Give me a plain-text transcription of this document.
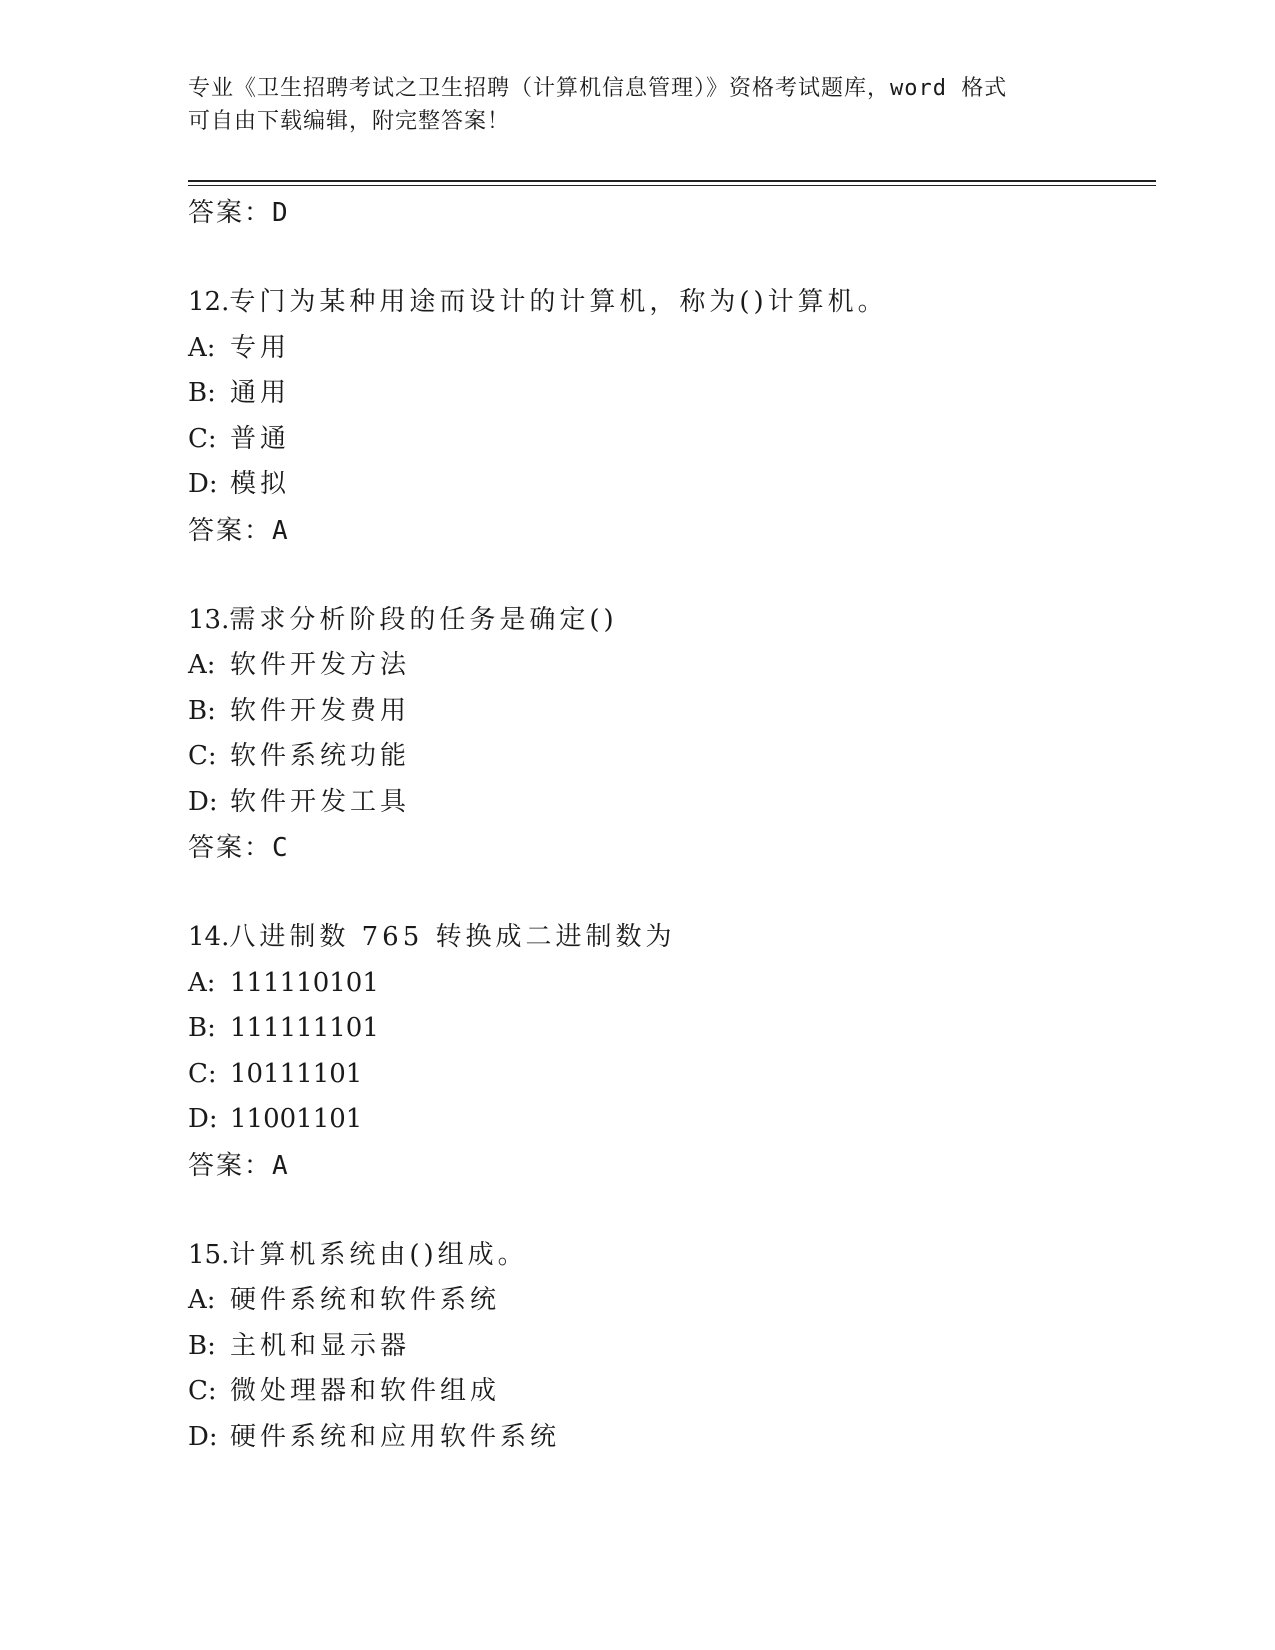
专业《卫生招聘考试之卫生招聘（计算机信息管理）》资格考试题库，word 格式
可自由下载编辑，附完整答案！
答案：D
12.专门为某种用途而设计的计算机，称为()计算机。
A: 专用
B: 通用
C: 普通
D: 模拟
答案：A
13.需求分析阶段的任务是确定()
A: 软件开发方法
B: 软件开发费用
C: 软件系统功能
D: 软件开发工具
答案：C
14.八进制数 765 转换成二进制数为
A: 111110101
B: 111111101
C: 10111101
D: 11001101
答案：A
15.计算机系统由()组成。
A: 硬件系统和软件系统
B: 主机和显示器
C: 微处理器和软件组成
D: 硬件系统和应用软件系统
